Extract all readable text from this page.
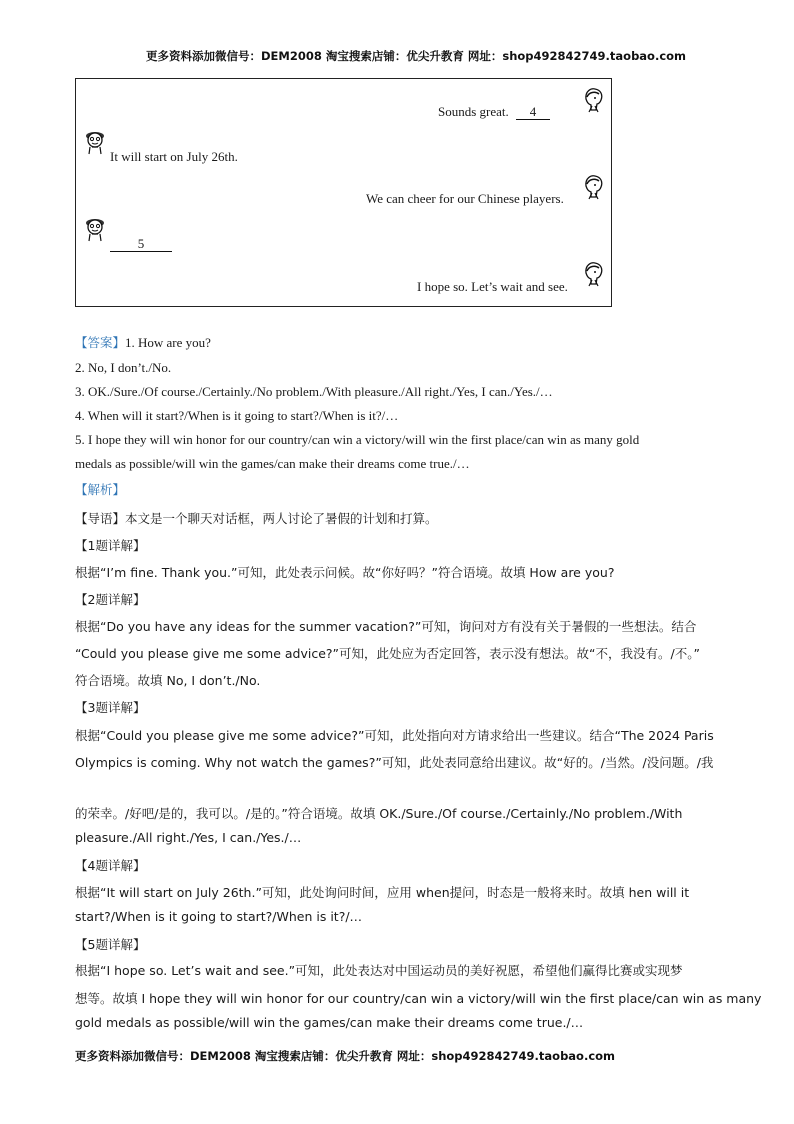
更多资料添加微信号：DEM2008 淘宝搜索店铺：优尖升教育 网址：shop492842749.taobao.com
Sounds great. 4
It will start on July 26th.
We can cheer for our Chinese players.
5
I hope so. Let’s wait and see.
【答案】1. How are you?
2. No, I don’t./No.
3. OK./Sure./Of course./Certainly./No problem./With pleasure./All right./Yes, I can./Yes./…
4. When will it start?/When is it going to start?/When is it?/…
5. I hope they will win honor for our country/can win a victory/will win the first place/can win as many gold
medals as possible/will win the games/can make their dreams come true./…
【解析】
【导语】本文是一个聊天对话框，两人讨论了暑假的计划和打算。
【1题详解】
根据“I’m fine. Thank you.”可知，此处表示问候。故“你好吗？”符合语境。故填 How are you?
【2题详解】
根据“Do you have any ideas for the summer vacation?”可知，询问对方有没有关于暑假的一些想法。结合
“Could you please give me some advice?”可知，此处应为否定回答，表示没有想法。故“不，我没有。/不。”
符合语境。故填 No, I don’t./No.
【3题详解】
根据“Could you please give me some advice?”可知，此处指向对方请求给出一些建议。结合“The 2024 Paris
Olympics is coming. Why not watch the games?”可知，此处表同意给出建议。故“好的。/当然。/没问题。/我
的荣幸。/好吧/是的，我可以。/是的。”符合语境。故填 OK./Sure./Of course./Certainly./No problem./With
pleasure./All right./Yes, I can./Yes./…
【4题详解】
根据“It will start on July 26th.”可知，此处询问时间，应用 when提问，时态是一般将来时。故填 hen will it
start?/When is it going to start?/When is it?/…
【5题详解】
根据“I hope so. Let’s wait and see.”可知，此处表达对中国运动员的美好祝愿，希望他们赢得比赛或实现梦
想等。故填 I hope they will win honor for our country/can win a victory/will win the first place/can win as many
gold medals as possible/will win the games/can make their dreams come true./…
更多资料添加微信号：DEM2008 淘宝搜索店铺：优尖升教育 网址：shop492842749.taobao.com
